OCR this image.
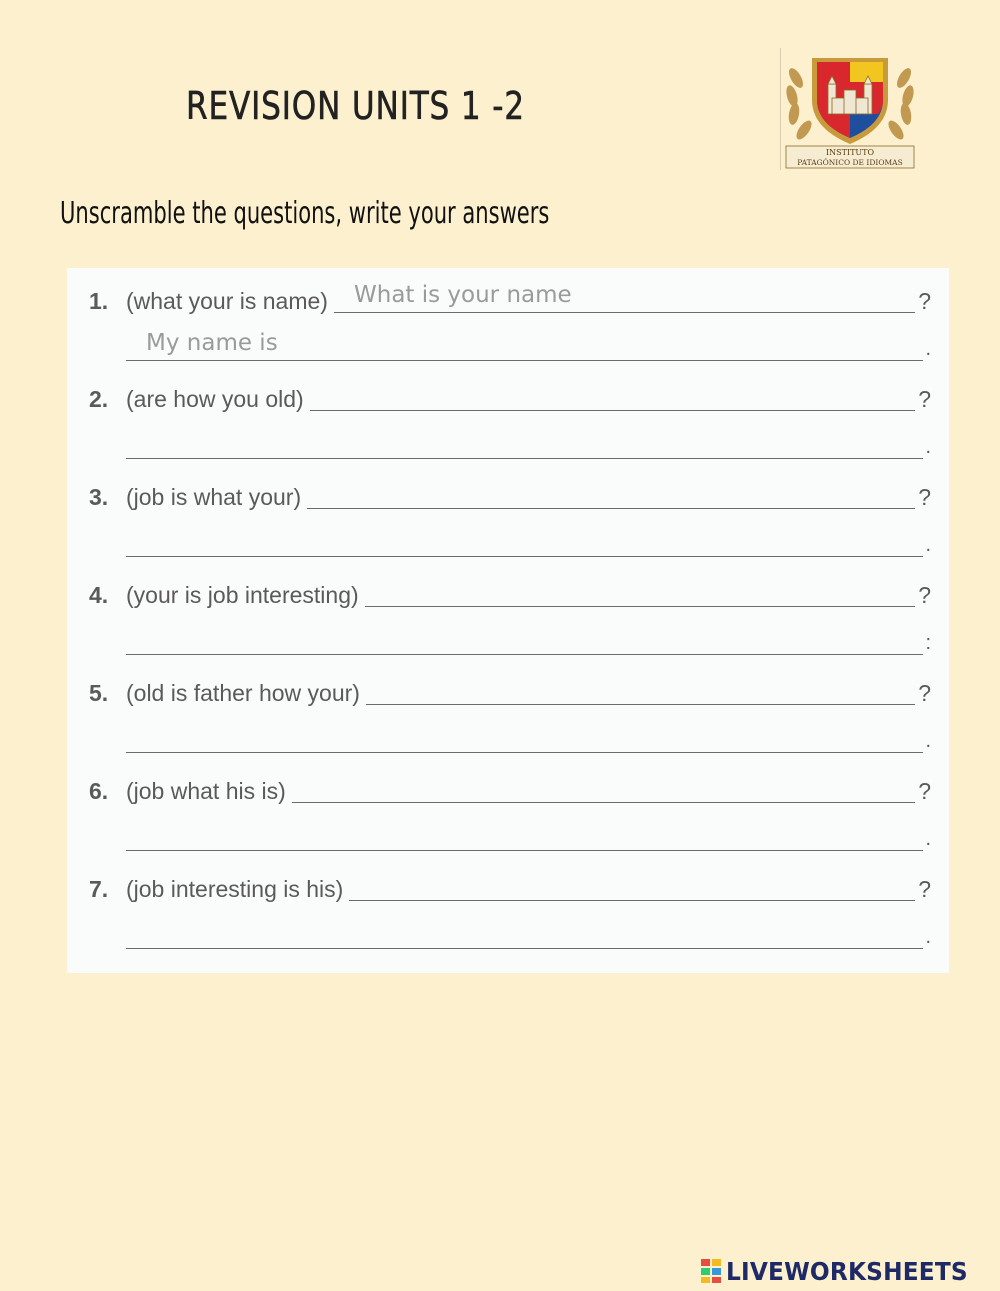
REVISION UNITS 1 -2
INSTITUTO
PATAGÓNICO DE IDIOMAS
Unscramble the questions, write your answers
1. (what your is name)	?
What is your name
.
My name is
2. (are how you old)	?
.
3. (job is what your)	?
.
4. (your is job interesting)	?
:
5. (old is father how your)	?
.
6. (job what his is)	?
.
7. (job interesting is his)	?
.
LIVEWORKSHEETS
